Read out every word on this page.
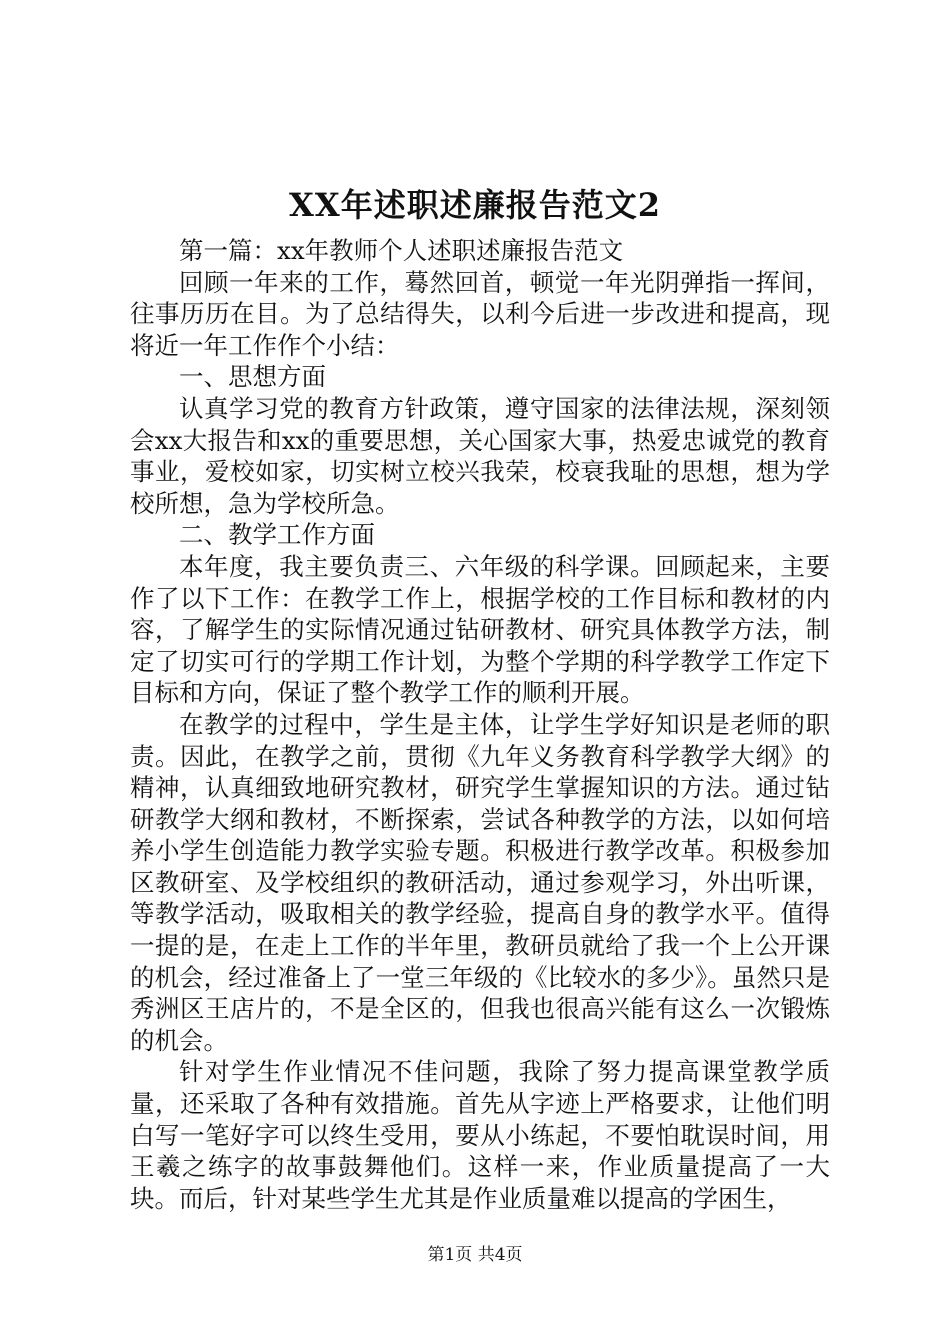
XX年述职述廉报告范文2

第一篇：xx年教师个人述职述廉报告范文

回顾一年来的工作，蓦然回首，顿觉一年光阴弹指一挥间，往事历历在目。为了总结得失，以利今后进一步改进和提高，现将近一年工作作个小结：

一、思想方面

认真学习党的教育方针政策，遵守国家的法律法规，深刻领会xx大报告和xx的重要思想，关心国家大事，热爱忠诚党的教育事业，爱校如家，切实树立校兴我荣，校衰我耻的思想，想为学校所想，急为学校所急。

二、教学工作方面

本年度，我主要负责三、六年级的科学课。回顾起来，主要作了以下工作：在教学工作上，根据学校的工作目标和教材的内容，了解学生的实际情况通过钻研教材、研究具体教学方法，制定了切实可行的学期工作计划，为整个学期的科学教学工作定下目标和方向，保证了整个教学工作的顺利开展。

在教学的过程中，学生是主体，让学生学好知识是老师的职责。因此，在教学之前，贯彻《九年义务教育科学教学大纲》的精神，认真细致地研究教材，研究学生掌握知识的方法。通过钻研教学大纲和教材，不断探索，尝试各种教学的方法，以如何培养小学生创造能力教学实验专题。积极进行教学改革。积极参加区教研室、及学校组织的教研活动，通过参观学习，外出听课，等教学活动，吸取相关的教学经验，提高自身的教学水平。值得一提的是，在走上工作的半年里，教研员就给了我一个上公开课的机会，经过准备上了一堂三年级的《比较水的多少》。虽然只是秀洲区王店片的，不是全区的，但我也很高兴能有这么一次锻炼的机会。

针对学生作业情况不佳问题，我除了努力提高课堂教学质量，还采取了各种有效措施。首先从字迹上严格要求，让他们明白写一笔好字可以终生受用，要从小练起，不要怕耽误时间，用王羲之练字的故事鼓舞他们。这样一来，作业质量提高了一大块。而后，针对某些学生尤其是作业质量难以提高的学困生，

第1页 共4页
